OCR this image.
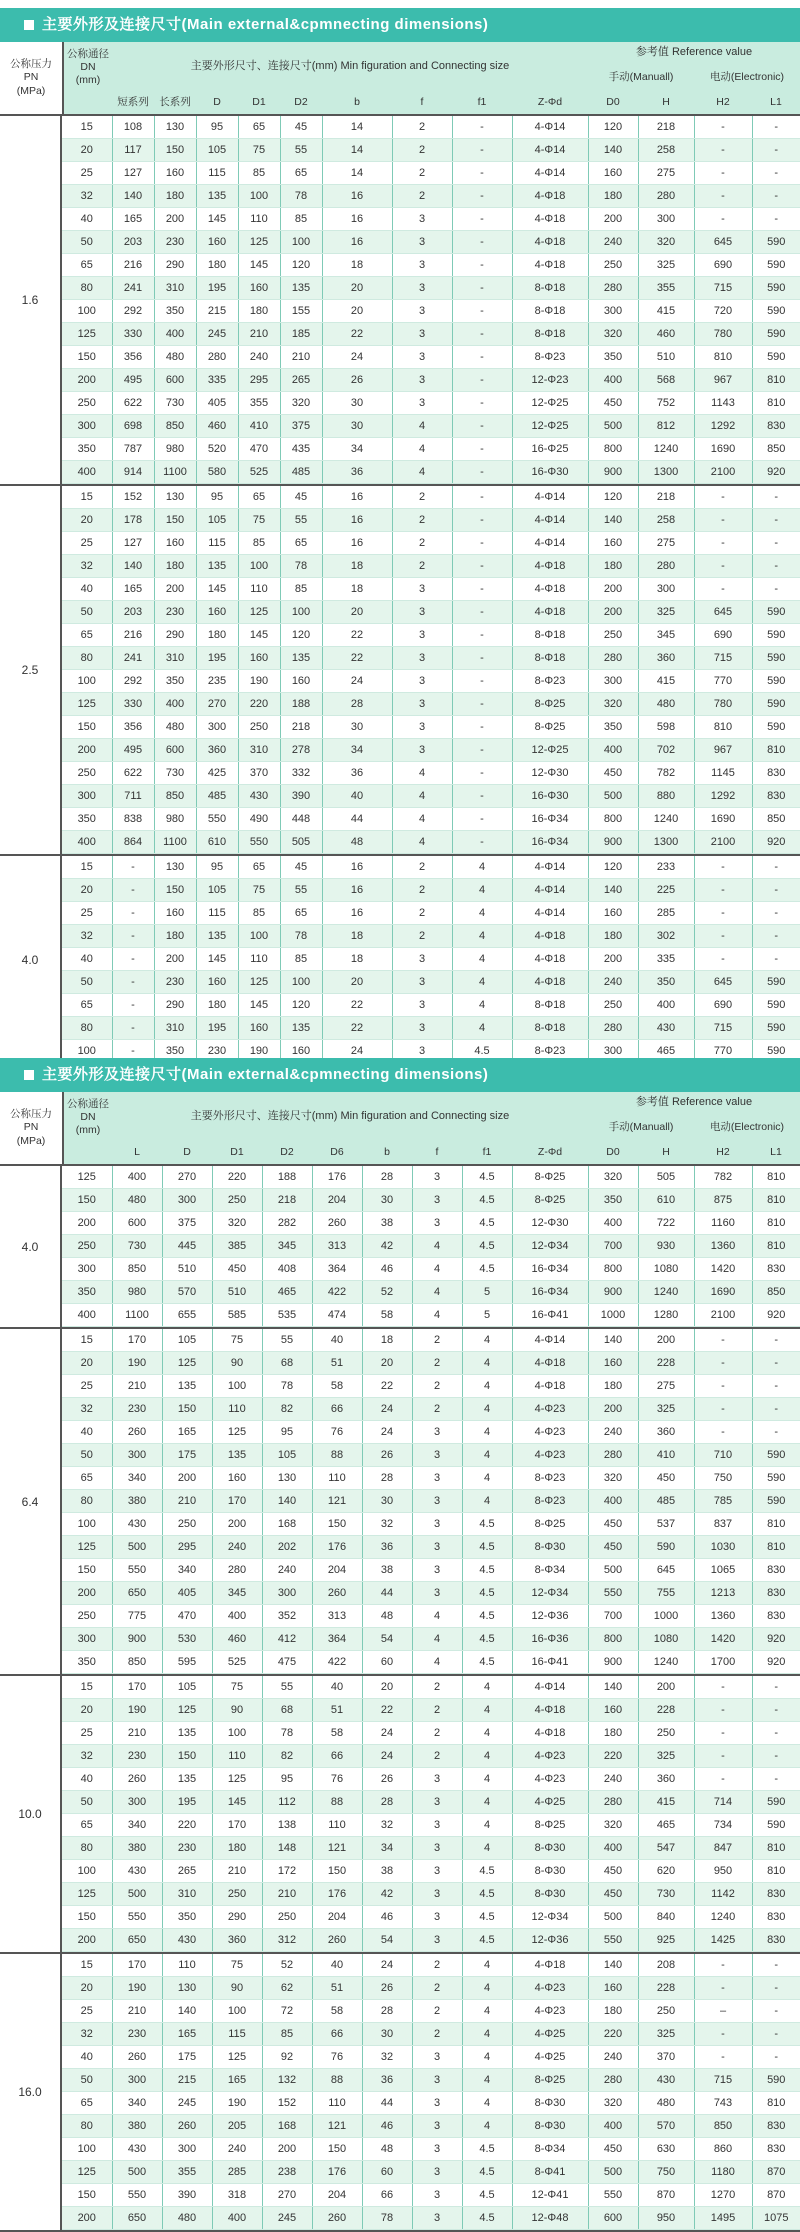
主要外形及连接尺寸(Main external&cpmnecting dimensions)
公称压力
PN
(MPa)
公称通径
DN
(mm)
主要外形尺寸、连接尺寸(mm) Min figuration and Connecting size
参考值 Reference value
手动(Manuall)	电动(Electronic)
短系列	长系列	D	D1	D2	b	f	f1	Z-Φd	D0	H	H2	L1
1.6
15	108	130	95	65	45	14	2	-	4-Φ14	120	218	-	-
20	117	150	105	75	55	14	2	-	4-Φ14	140	258	-	-
25	127	160	115	85	65	14	2	-	4-Φ14	160	275	-	-
32	140	180	135	100	78	16	2	-	4-Φ18	180	280	-	-
40	165	200	145	110	85	16	3	-	4-Φ18	200	300	-	-
50	203	230	160	125	100	16	3	-	4-Φ18	240	320	645	590
65	216	290	180	145	120	18	3	-	4-Φ18	250	325	690	590
80	241	310	195	160	135	20	3	-	8-Φ18	280	355	715	590
100	292	350	215	180	155	20	3	-	8-Φ18	300	415	720	590
125	330	400	245	210	185	22	3	-	8-Φ18	320	460	780	590
150	356	480	280	240	210	24	3	-	8-Φ23	350	510	810	590
200	495	600	335	295	265	26	3	-	12-Φ23	400	568	967	810
250	622	730	405	355	320	30	3	-	12-Φ25	450	752	1143	810
300	698	850	460	410	375	30	4	-	12-Φ25	500	812	1292	830
350	787	980	520	470	435	34	4	-	16-Φ25	800	1240	1690	850
400	914	1100	580	525	485	36	4	-	16-Φ30	900	1300	2100	920
2.5
15	152	130	95	65	45	16	2	-	4-Φ14	120	218	-	-
20	178	150	105	75	55	16	2	-	4-Φ14	140	258	-	-
25	127	160	115	85	65	16	2	-	4-Φ14	160	275	-	-
32	140	180	135	100	78	18	2	-	4-Φ18	180	280	-	-
40	165	200	145	110	85	18	3	-	4-Φ18	200	300	-	-
50	203	230	160	125	100	20	3	-	4-Φ18	200	325	645	590
65	216	290	180	145	120	22	3	-	8-Φ18	250	345	690	590
80	241	310	195	160	135	22	3	-	8-Φ18	280	360	715	590
100	292	350	235	190	160	24	3	-	8-Φ23	300	415	770	590
125	330	400	270	220	188	28	3	-	8-Φ25	320	480	780	590
150	356	480	300	250	218	30	3	-	8-Φ25	350	598	810	590
200	495	600	360	310	278	34	3	-	12-Φ25	400	702	967	810
250	622	730	425	370	332	36	4	-	12-Φ30	450	782	1145	830
300	711	850	485	430	390	40	4	-	16-Φ30	500	880	1292	830
350	838	980	550	490	448	44	4	-	16-Φ34	800	1240	1690	850
400	864	1100	610	550	505	48	4	-	16-Φ34	900	1300	2100	920
4.0
15	-	130	95	65	45	16	2	4	4-Φ14	120	233	-	-
20	-	150	105	75	55	16	2	4	4-Φ14	140	225	-	-
25	-	160	115	85	65	16	2	4	4-Φ14	160	285	-	-
32	-	180	135	100	78	18	2	4	4-Φ18	180	302	-	-
40	-	200	145	110	85	18	3	4	4-Φ18	200	335	-	-
50	-	230	160	125	100	20	3	4	4-Φ18	240	350	645	590
65	-	290	180	145	120	22	3	4	8-Φ18	250	400	690	590
80	-	310	195	160	135	22	3	4	8-Φ18	280	430	715	590
100	-	350	230	190	160	24	3	4.5	8-Φ23	300	465	770	590
主要外形及连接尺寸(Main external&cpmnecting dimensions)
公称压力
PN
(MPa)
公称通径
DN
(mm)
主要外形尺寸、连接尺寸(mm) Min figuration and Connecting size
参考值 Reference value
手动(Manuall)	电动(Electronic)
L	D	D1	D2	D6	b	f	f1	Z-Φd	D0	H	H2	L1
4.0
125	400	270	220	188	176	28	3	4.5	8-Φ25	320	505	782	810
150	480	300	250	218	204	30	3	4.5	8-Φ25	350	610	875	810
200	600	375	320	282	260	38	3	4.5	12-Φ30	400	722	1160	810
250	730	445	385	345	313	42	4	4.5	12-Φ34	700	930	1360	810
300	850	510	450	408	364	46	4	4.5	16-Φ34	800	1080	1420	830
350	980	570	510	465	422	52	4	5	16-Φ34	900	1240	1690	850
400	1100	655	585	535	474	58	4	5	16-Φ41	1000	1280	2100	920
6.4
15	170	105	75	55	40	18	2	4	4-Φ14	140	200	-	-
20	190	125	90	68	51	20	2	4	4-Φ18	160	228	-	-
25	210	135	100	78	58	22	2	4	4-Φ18	180	275	-	-
32	230	150	110	82	66	24	2	4	4-Φ23	200	325	-	-
40	260	165	125	95	76	24	3	4	4-Φ23	240	360	-	-
50	300	175	135	105	88	26	3	4	4-Φ23	280	410	710	590
65	340	200	160	130	110	28	3	4	8-Φ23	320	450	750	590
80	380	210	170	140	121	30	3	4	8-Φ23	400	485	785	590
100	430	250	200	168	150	32	3	4.5	8-Φ25	450	537	837	810
125	500	295	240	202	176	36	3	4.5	8-Φ30	450	590	1030	810
150	550	340	280	240	204	38	3	4.5	8-Φ34	500	645	1065	830
200	650	405	345	300	260	44	3	4.5	12-Φ34	550	755	1213	830
250	775	470	400	352	313	48	4	4.5	12-Φ36	700	1000	1360	830
300	900	530	460	412	364	54	4	4.5	16-Φ36	800	1080	1420	920
350	850	595	525	475	422	60	4	4.5	16-Φ41	900	1240	1700	920
10.0
15	170	105	75	55	40	20	2	4	4-Φ14	140	200	-	-
20	190	125	90	68	51	22	2	4	4-Φ18	160	228	-	-
25	210	135	100	78	58	24	2	4	4-Φ18	180	250	-	-
32	230	150	110	82	66	24	2	4	4-Φ23	220	325	-	-
40	260	135	125	95	76	26	3	4	4-Φ23	240	360	-	-
50	300	195	145	112	88	28	3	4	4-Φ25	280	415	714	590
65	340	220	170	138	110	32	3	4	8-Φ25	320	465	734	590
80	380	230	180	148	121	34	3	4	8-Φ30	400	547	847	810
100	430	265	210	172	150	38	3	4.5	8-Φ30	450	620	950	810
125	500	310	250	210	176	42	3	4.5	8-Φ30	450	730	1142	830
150	550	350	290	250	204	46	3	4.5	12-Φ34	500	840	1240	830
200	650	430	360	312	260	54	3	4.5	12-Φ36	550	925	1425	830
16.0
15	170	110	75	52	40	24	2	4	4-Φ18	140	208	-	-
20	190	130	90	62	51	26	2	4	4-Φ23	160	228	-	-
25	210	140	100	72	58	28	2	4	4-Φ23	180	250	–	-
32	230	165	115	85	66	30	2	4	4-Φ25	220	325	-	-
40	260	175	125	92	76	32	3	4	4-Φ25	240	370	-	-
50	300	215	165	132	88	36	3	4	8-Φ25	280	430	715	590
65	340	245	190	152	110	44	3	4	8-Φ30	320	480	743	810
80	380	260	205	168	121	46	3	4	8-Φ30	400	570	850	830
100	430	300	240	200	150	48	3	4.5	8-Φ34	450	630	860	830
125	500	355	285	238	176	60	3	4.5	8-Φ41	500	750	1180	870
150	550	390	318	270	204	66	3	4.5	12-Φ41	550	870	1270	870
200	650	480	400	245	260	78	3	4.5	12-Φ48	600	950	1495	1075
